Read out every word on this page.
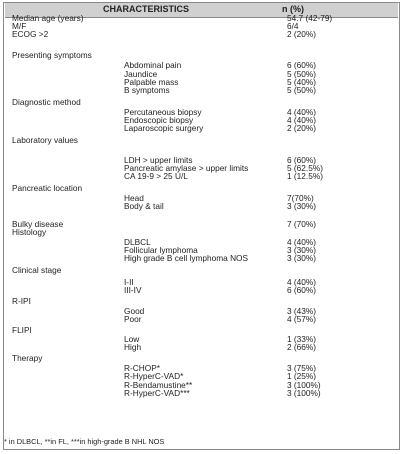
CHARACTERISTICS	n (%)
Median age (years)	54.7 (42-79)
M/F	6/4
ECOG >2	2 (20%)
Presenting symptoms
Abdominal pain	6 (60%)
Jaundice	5 (50%)
Palpable mass	5 (40%)
B symptoms	5 (50%)
Diagnostic method
Percutaneous biopsy	4 (40%)
Endoscopic biopsy	4 (40%)
Laparoscopic surgery	2 (20%)
Laboratory values
LDH > upper limits	6 (60%)
Pancreatic amylase > upper limits	5 (62.5%)
CA 19-9 > 25 U/L	1 (12.5%)
Pancreatic location
Head	7(70%)
Body & tail	3 (30%)
Bulky disease	7 (70%)
Histology
DLBCL	4 (40%)
Follicular lymphoma	3 (30%)
High grade B cell lymphoma NOS	3 (30%)
Clinical stage
I-II	4 (40%)
III-IV	6 (60%)
R-IPI
Good	3 (43%)
Poor	4 (57%)
FLIPI
Low	1 (33%)
High	2 (66%)
Therapy
R-CHOP*	3 (75%)
R-HyperC-VAD*	1 (25%)
R-Bendamustine**	3 (100%)
R-HyperC-VAD***	3 (100%)
* in DLBCL, **in FL, ***in high-grade B NHL NOS
